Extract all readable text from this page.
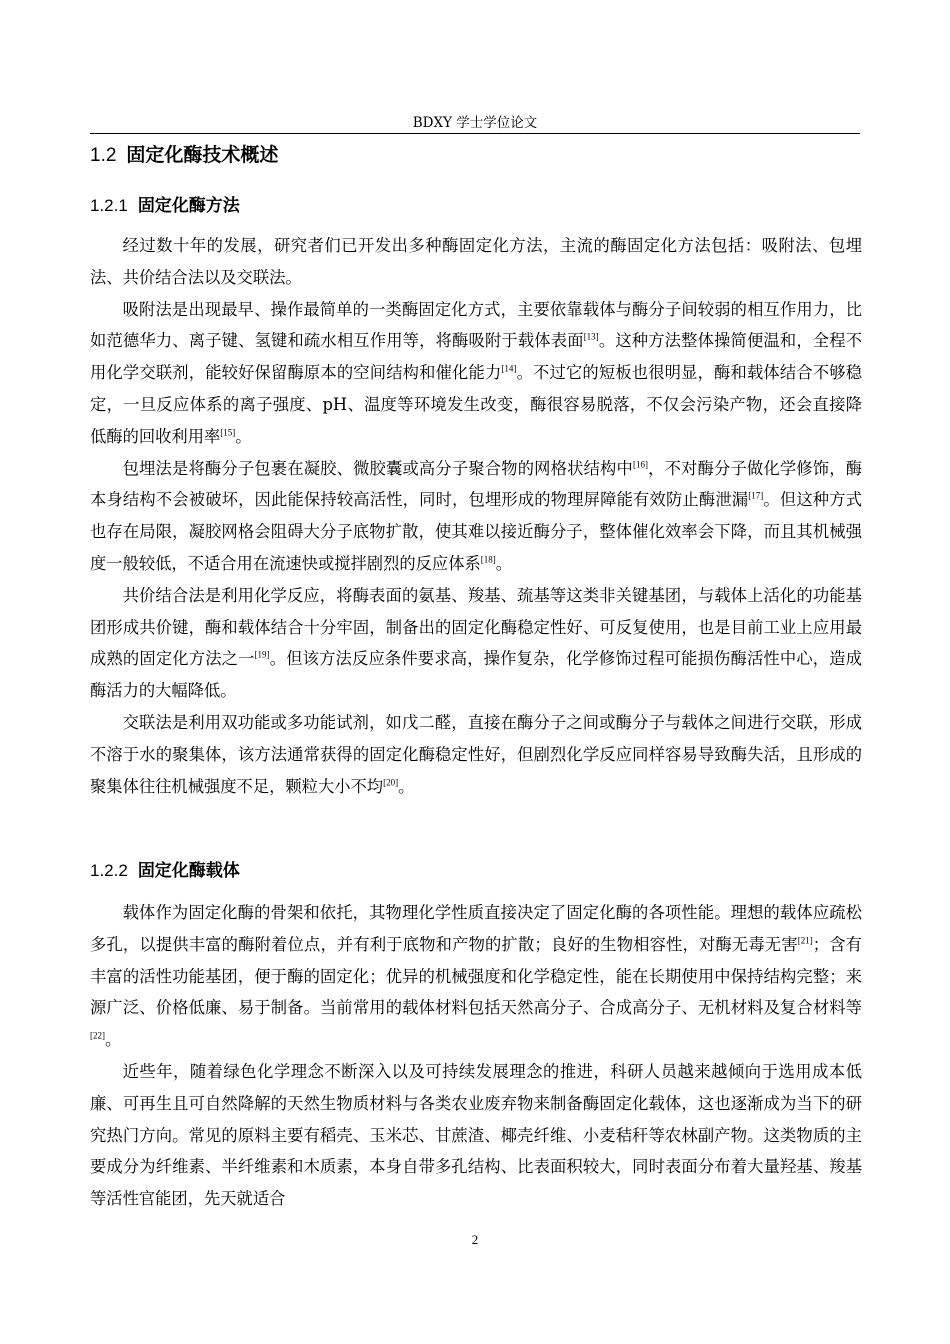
BDXY 学士学位论文
1.2 固定化酶技术概述
1.2.1 固定化酶方法

经过数十年的发展，研究者们已开发出多种酶固定化方法，主流的酶固定化方法包括：吸附法、包埋法、共价结合法以及交联法。

吸附法是出现最早、操作最简单的一类酶固定化方式，主要依靠载体与酶分子间较弱的相互作用力，比如范德华力、离子键、氢键和疏水相互作用等，将酶吸附于载体表面[13]。这种方法整体操简便温和，全程不用化学交联剂，能较好保留酶原本的空间结构和催化能力[14]。不过它的短板也很明显，酶和载体结合不够稳定，一旦反应体系的离子强度、pH、温度等环境发生改变，酶很容易脱落，不仅会污染产物，还会直接降低酶的回收利用率[15]。

包埋法是将酶分子包裹在凝胶、微胶囊或高分子聚合物的网格状结构中[16]，不对酶分子做化学修饰，酶本身结构不会被破坏，因此能保持较高活性，同时，包埋形成的物理屏障能有效防止酶泄漏[17]。但这种方式也存在局限，凝胶网格会阻碍大分子底物扩散，使其难以接近酶分子，整体催化效率会下降，而且其机械强度一般较低，不适合用在流速快或搅拌剧烈的反应体系[18]。

共价结合法是利用化学反应，将酶表面的氨基、羧基、巯基等这类非关键基团，与载体上活化的功能基团形成共价键，酶和载体结合十分牢固，制备出的固定化酶稳定性好、可反复使用，也是目前工业上应用最成熟的固定化方法之一[19]。但该方法反应条件要求高，操作复杂，化学修饰过程可能损伤酶活性中心，造成酶活力的大幅降低。

交联法是利用双功能或多功能试剂，如戊二醛，直接在酶分子之间或酶分子与载体之间进行交联，形成不溶于水的聚集体，该方法通常获得的固定化酶稳定性好，但剧烈化学反应同样容易导致酶失活，且形成的聚集体往往机械强度不足，颗粒大小不均[20]。

1.2.2 固定化酶载体

载体作为固定化酶的骨架和依托，其物理化学性质直接决定了固定化酶的各项性能。理想的载体应疏松多孔，以提供丰富的酶附着位点，并有利于底物和产物的扩散；良好的生物相容性，对酶无毒无害[21]；含有丰富的活性功能基团，便于酶的固定化；优异的机械强度和化学稳定性，能在长期使用中保持结构完整；来源广泛、价格低廉、易于制备。当前常用的载体材料包括天然高分子、合成高分子、无机材料及复合材料等[22]。

近些年，随着绿色化学理念不断深入以及可持续发展理念的推进，科研人员越来越倾向于选用成本低廉、可再生且可自然降解的天然生物质材料与各类农业废弃物来制备酶固定化载体，这也逐渐成为当下的研究热门方向。常见的原料主要有稻壳、玉米芯、甘蔗渣、椰壳纤维、小麦秸秆等农林副产物。这类物质的主要成分为纤维素、半纤维素和木质素，本身自带多孔结构、比表面积较大，同时表面分布着大量羟基、羧基等活性官能团，先天就适合

2
